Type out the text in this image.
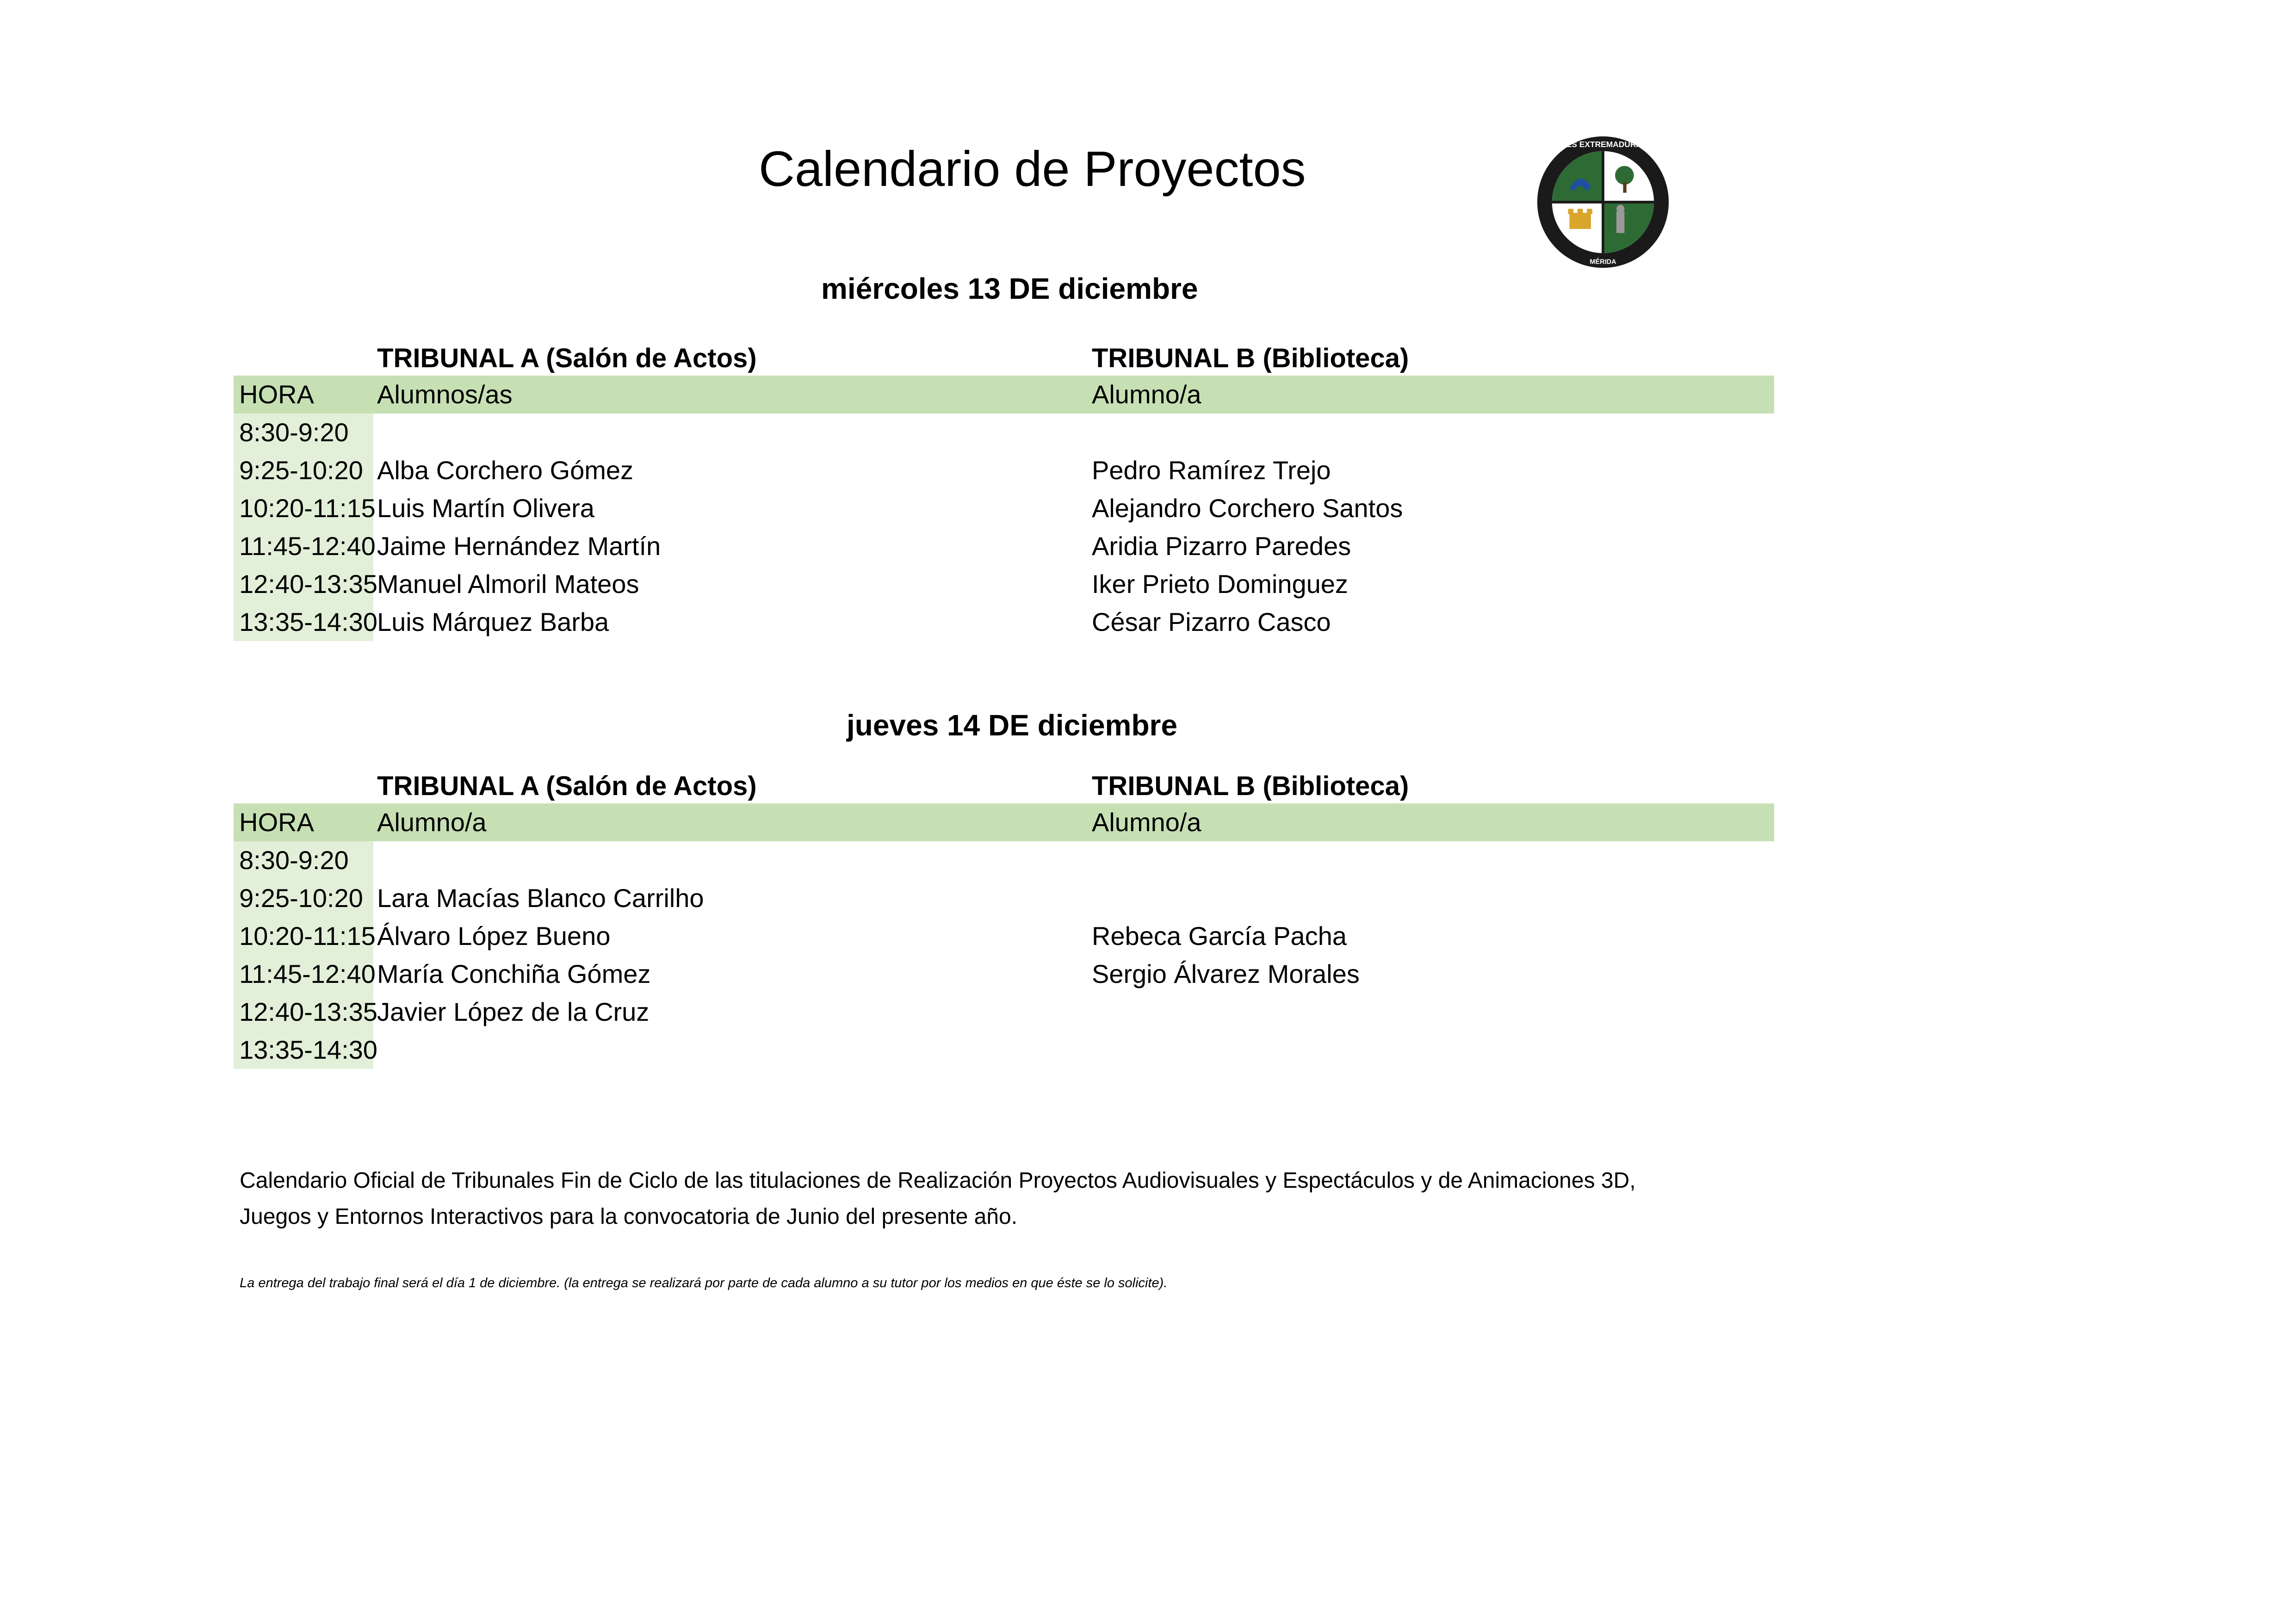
Calendario de Proyectos	IES EXTREMADURA
MÉRIDA
miércoles 13 DE diciembre
TRIBUNAL A (Salón de Actos)	TRIBUNAL B (Biblioteca)
HORA Alumnos/as	Alumno/a
8:30-9:20
9:25-10:20 Alba Corchero Gómez	Pedro Ramírez Trejo
10:20-11:15 Luis Martín Olivera	Alejandro Corchero Santos
11:45-12:40 Jaime Hernández Martín	Aridia Pizarro Paredes
12:40-13:35 Manuel Almoril Mateos	Iker Prieto Dominguez
13:35-14:30 Luis Márquez Barba	César Pizarro Casco
jueves 14 DE diciembre
TRIBUNAL A (Salón de Actos)	TRIBUNAL B (Biblioteca)
HORA Alumno/a	Alumno/a
8:30-9:20
9:25-10:20 Lara Macías Blanco Carrilho
10:20-11:15 Álvaro López Bueno	Rebeca García Pacha
11:45-12:40 María Conchiña Gómez	Sergio Álvarez Morales
12:40-13:35 Javier López de la Cruz
13:35-14:30
Calendario Oficial de Tribunales Fin de Ciclo de las titulaciones de Realización Proyectos Audiovisuales y Espectáculos y de Animaciones 3D,
Juegos y Entornos Interactivos para la convocatoria de Junio del presente año.
La entrega del trabajo final será el día 1 de diciembre. (la entrega se realizará por parte de cada alumno a su tutor por los medios en que éste se lo solicite).
